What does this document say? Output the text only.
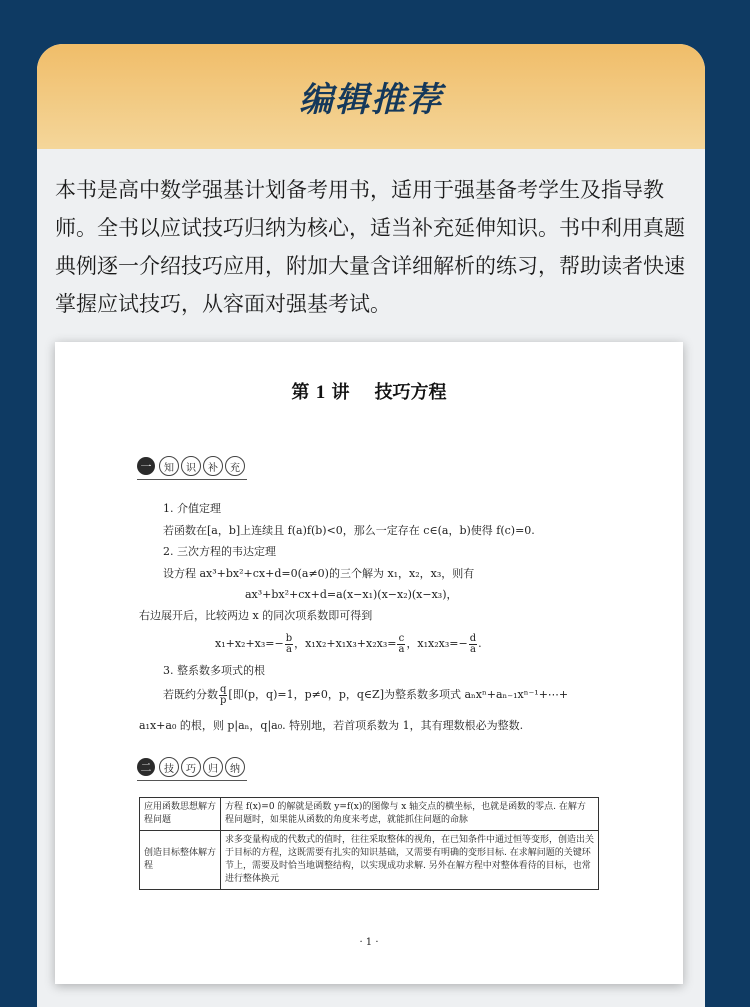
编辑推荐
本书是高中数学强基计划备考用书，适用于强基备考学生及指导教师。全书以应试技巧归纳为核心，适当补充延伸知识。书中利用真题典例逐一介绍技巧应用，附加大量含详细解析的练习，帮助读者快速掌握应试技巧，从容面对强基考试。
第 1 讲 技巧方程
一	知	识	补	充
1. 介值定理
若函数在[a，b]上连续且 f(a)f(b)<0，那么一定存在 c∈(a，b)使得 f(c)=0.
2. 三次方程的韦达定理
设方程 ax³+bx²+cx+d=0(a≠0)的三个解为 x₁，x₂，x₃，则有
ax³+bx²+cx+d=a(x−x₁)(x−x₂)(x−x₃)，
右边展开后，比较两边 x 的同次项系数即可得到
$x_1+x_2+x_3=- \frac{b}{a}$ ，$x_1x_2+x_1x_3+x_2x_3= \frac{c}{a}$ ，$x_1x_2x_3=- \frac{d}{a}$ .
3. 整系数多项式的根
若既约分数 $\frac{q}{p}$ [即(p，q)=1，p≠0，p，q∈Z]为整系数多项式 aₙxⁿ+aₙ₋₁xⁿ⁻¹+⋯+
a₁x+a₀ 的根，则 p|aₙ，q|a₀. 特别地，若首项系数为 1，其有理数根必为整数.
二	技	巧	归	纳
应用函数思想解方程问题	方程 f(x)=0 的解就是函数 y=f(x)的图像与 x 轴交点的横坐标，也就是函数的零点. 在解方程问题时，如果能从函数的角度来考虑，就能抓住问题的命脉
创造目标整体解方程	求多变量构成的代数式的值时，往往采取整体的视角，在已知条件中通过恒等变形，创造出关于目标的方程，这既需要有扎实的知识基础，又需要有明确的变形目标. 在求解问题的关键环节上，需要及时恰当地调整结构，以实现成功求解. 另外在解方程中对整体看待的目标，也常进行整体换元
· 1 ·
